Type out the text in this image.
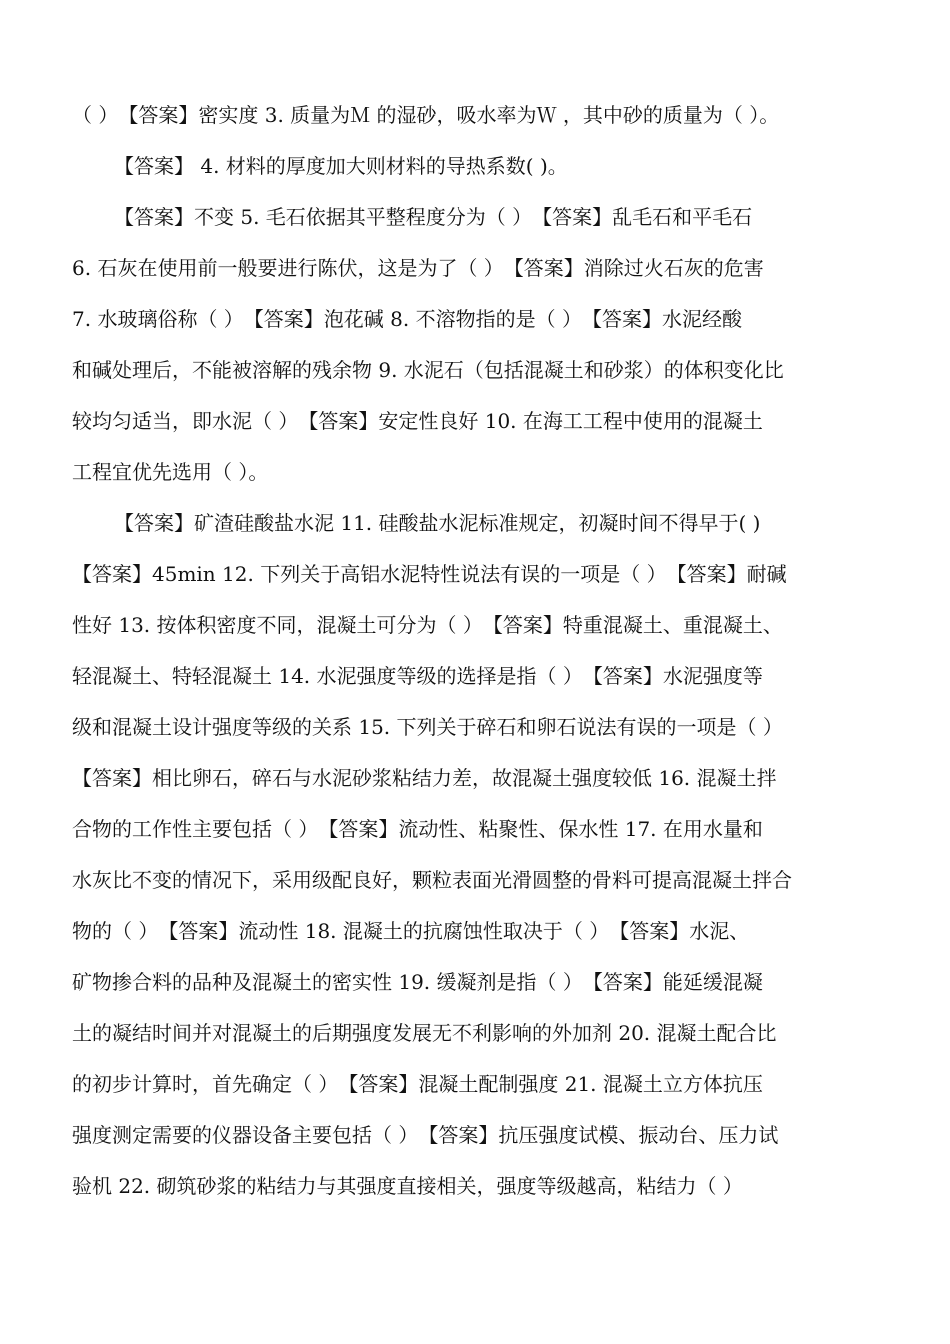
（ ）　【答案】密实度 3. 质量为Ｍ 的湿砂，吸水率为Ｗ ，其中砂的质量为（ ）。
【答案】 4. 材料的厚度加大则材料的导热系数( )。
【答案】不变 5. 毛石依据其平整程度分为（ ）　【答案】乱毛石和平毛石
6. 石灰在使用前一般要进行陈伏，这是为了（ ）　【答案】消除过火石灰的危害
7. 水玻璃俗称（ ）　【答案】泡花碱 8. 不溶物指的是（ ）　【答案】水泥经酸
和碱处理后，不能被溶解的残余物 9. 水泥石（包括混凝土和砂浆）的体积变化比
较均匀适当，即水泥（ ）　【答案】安定性良好 10. 在海工工程中使用的混凝土
工程宜优先选用（ ）。
【答案】矿渣硅酸盐水泥 11. 硅酸盐水泥标准规定，初凝时间不得早于( )
【答案】45min 12. 下列关于高铝水泥特性说法有误的一项是（ ）　【答案】耐碱
性好 13. 按体积密度不同，混凝土可分为（ ）　【答案】特重混凝土、重混凝土、
轻混凝土、特轻混凝土 14. 水泥强度等级的选择是指（ ）　【答案】水泥强度等
级和混凝土设计强度等级的关系 15. 下列关于碎石和卵石说法有误的一项是（ ）
【答案】相比卵石，碎石与水泥砂浆粘结力差，故混凝土强度较低 16. 混凝土拌
合物的工作性主要包括（ ）　【答案】流动性、粘聚性、保水性 17. 在用水量和
水灰比不变的情况下，采用级配良好，颗粒表面光滑圆整的骨料可提高混凝土拌合
物的（ ）　【答案】流动性 18. 混凝土的抗腐蚀性取决于（ ）　【答案】水泥、
矿物掺合料的品种及混凝土的密实性 19. 缓凝剂是指（ ）　【答案】能延缓混凝
土的凝结时间并对混凝土的后期强度发展无不利影响的外加剂 20. 混凝土配合比
的初步计算时，首先确定（ ）　【答案】混凝土配制强度 21. 混凝土立方体抗压
强度测定需要的仪器设备主要包括（ ）　【答案】抗压强度试模、振动台、压力试
验机 22. 砌筑砂浆的粘结力与其强度直接相关，强度等级越高，粘结力（ ）
